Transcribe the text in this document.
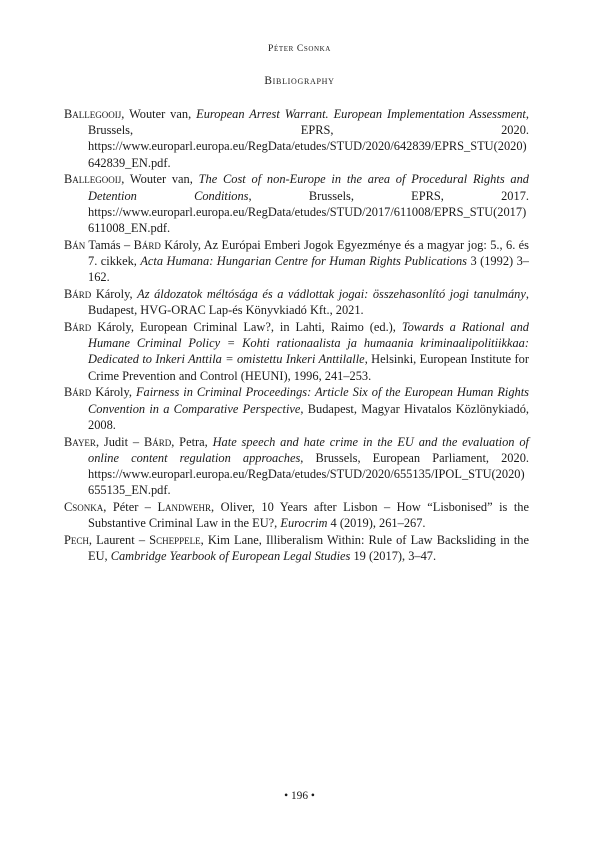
Péter Csonka
Bibliography

Ballegooij, Wouter van, European Arrest Warrant. European Implementation Assessment, Brussels, EPRS, 2020. https://www.europarl.europa.eu/RegData/etudes/STUD/2020/642839/EPRS_STU(2020)642839_EN.pdf.

Ballegooij, Wouter van, The Cost of non-Europe in the area of Procedural Rights and Detention Conditions, Brussels, EPRS, 2017. https://www.europarl.europa.eu/RegData/etudes/STUD/2017/611008/EPRS_STU(2017)611008_EN.pdf.

Bán Tamás – Bárd Károly, Az Európai Emberi Jogok Egyezménye és a magyar jog: 5., 6. és 7. cikkek, Acta Humana: Hungarian Centre for Human Rights Publications 3 (1992) 3–162.

Bárd Károly, Az áldozatok méltósága és a vádlottak jogai: összehasonlító jogi tanulmány, Budapest, HVG-ORAC Lap-és Könyvkiadó Kft., 2021.

Bárd Károly, European Criminal Law?, in Lahti, Raimo (ed.), Towards a Rational and Humane Criminal Policy = Kohti rationaalista ja humaania kriminaalipolitiikkaa: Dedicated to Inkeri Anttila = omistettu Inkeri Anttilalle, Helsinki, European Institute for Crime Prevention and Control (HEUNI), 1996, 241–253.

Bárd Károly, Fairness in Criminal Proceedings: Article Six of the European Human Rights Convention in a Comparative Perspective, Budapest, Magyar Hivatalos Közlönykiadó, 2008.

Bayer, Judit – Bárd, Petra, Hate speech and hate crime in the EU and the evaluation of online content regulation approaches, Brussels, European Parliament, 2020. https://www.europarl.europa.eu/RegData/etudes/STUD/2020/655135/IPOL_STU(2020)655135_EN.pdf.

Csonka, Péter – Landwehr, Oliver, 10 Years after Lisbon – How “Lisbonised” is the Substantive Criminal Law in the EU?, Eurocrim 4 (2019), 261–267.

Pech, Laurent – Scheppele, Kim Lane, Illiberalism Within: Rule of Law Backsliding in the EU, Cambridge Yearbook of European Legal Studies 19 (2017), 3–47.

• 196 •
